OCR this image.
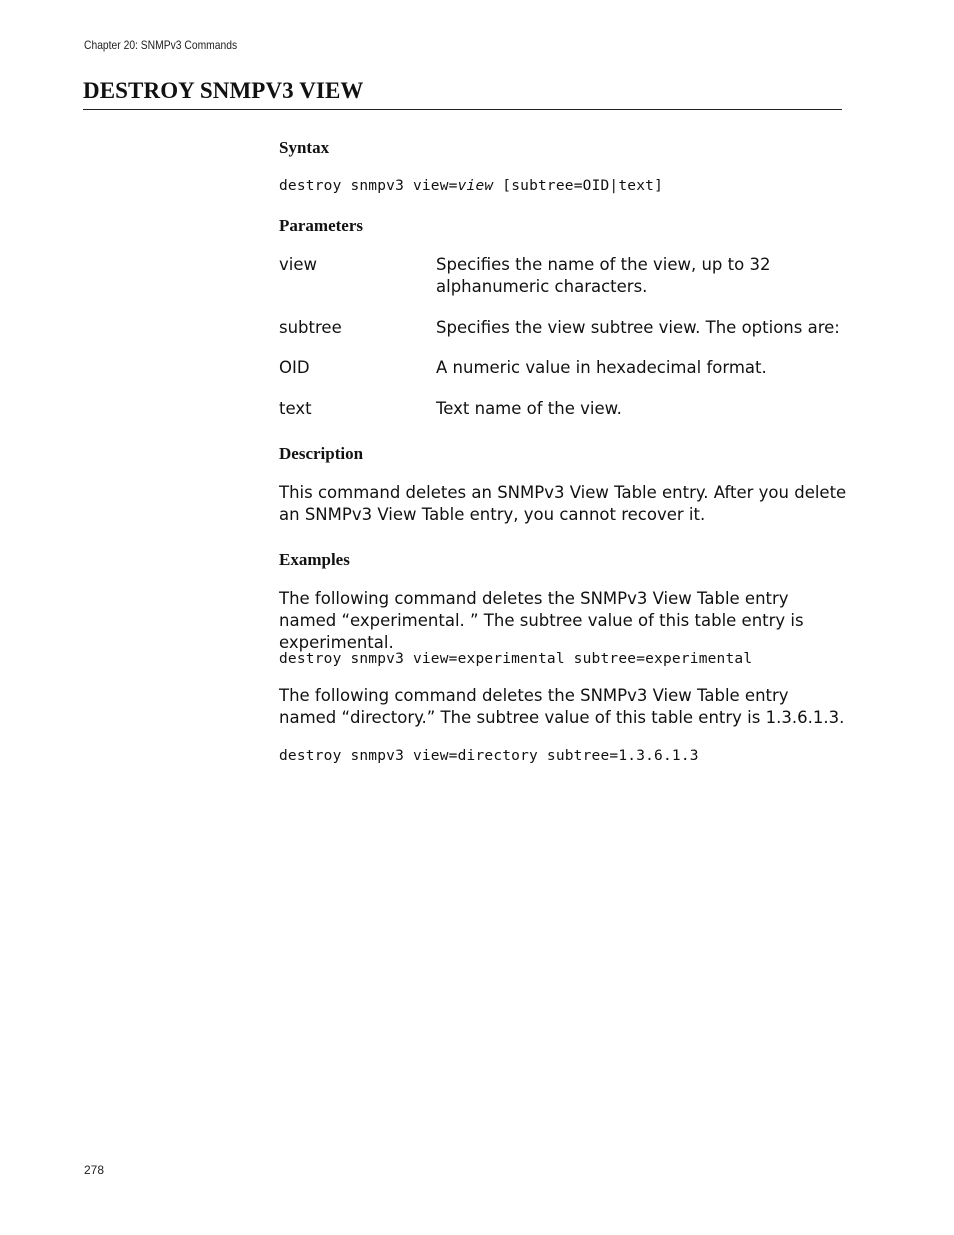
Chapter 20: SNMPv3 Commands
DESTROY SNMPV3 VIEW
Syntax
destroy snmpv3 view=view [subtree=OID|text]
Parameters
view	Specifies the name of the view, up to 32 alphanumeric characters.
subtree	Specifies the view subtree view. The options are:
OID	A numeric value in hexadecimal format.
text	Text name of the view.
Description

This command deletes an SNMPv3 View Table entry. After you delete an SNMPv3 View Table entry, you cannot recover it.

Examples

The following command deletes the SNMPv3 View Table entry named “experimental. ” The subtree value of this table entry is experimental.

destroy snmpv3 view=experimental subtree=experimental

The following command deletes the SNMPv3 View Table entry named “directory.” The subtree value of this table entry is 1.3.6.1.3.

destroy snmpv3 view=directory subtree=1.3.6.1.3
278
